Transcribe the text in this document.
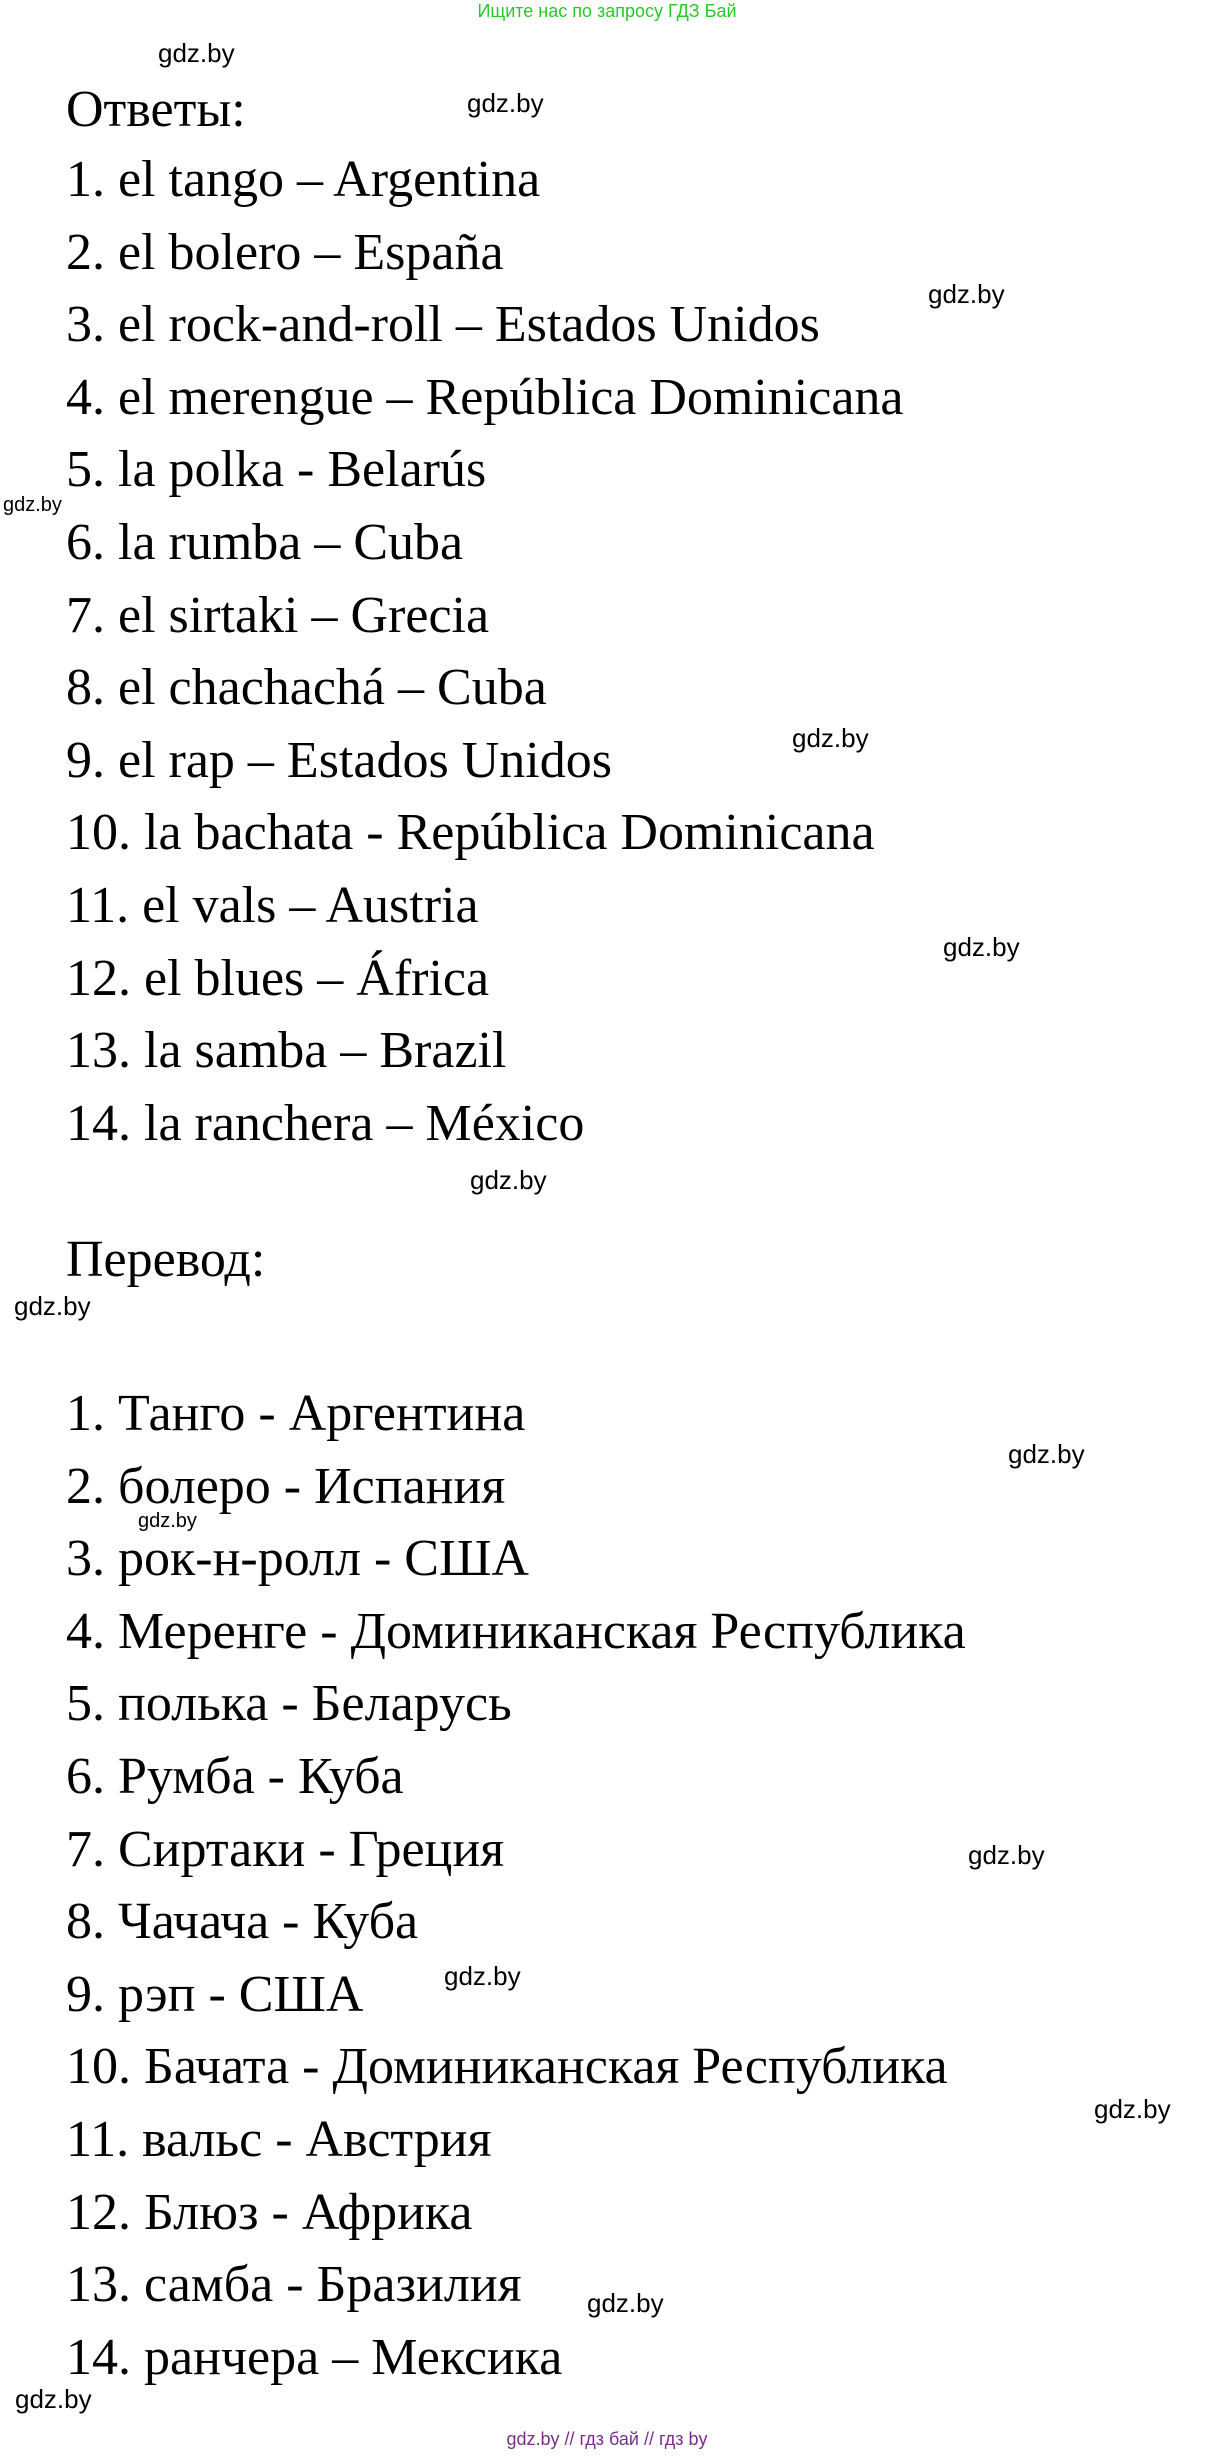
Ищите нас по запросу ГДЗ Бай
Ответы:
1. el tango – Argentina
2. el bolero – España
3. el rock-and-roll – Estados Unidos
4. el merengue – República Dominicana
5. la polka - Belarús
6. la rumba – Cuba
7. el sirtaki – Grecia
8. el chachachá – Cuba
9. el rap – Estados Unidos
10. la bachata - República Dominicana
11. el vals – Austria
12. el blues – África
13. la samba – Brazil
14. la ranchera – México
Перевод:
1. Танго - Аргентина
2. болеро - Испания
3. рок-н-ролл - США
4. Меренге - Доминиканская Республика
5. полька - Беларусь
6. Румба - Куба
7. Сиртаки - Греция
8. Чачача - Куба
9. рэп - США
10. Бачата - Доминиканская Республика
11. вальс - Австрия
12. Блюз - Африка
13. самба - Бразилия
14. ранчера – Мексика
gdz.by
gdz.by
gdz.by
gdz.by
gdz.by
gdz.by
gdz.by
gdz.by
gdz.by
gdz.by
gdz.by
gdz.by
gdz.by
gdz.by
gdz.by
gdz.by // гдз бай // гдз by
